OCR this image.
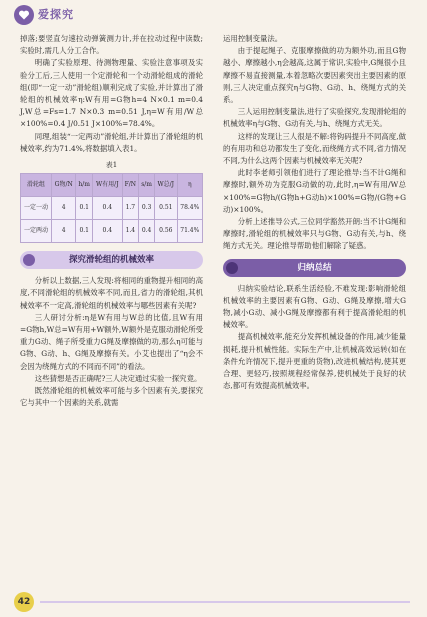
爱探究

掉落;要竖直匀速拉动弹簧测力计,并在拉动过程中读数;实验时,需几人分工合作。

明确了实验原理、待测物理量、实验注意事项及实验分工后,三人使用一个定滑轮和一个动滑轮组成的滑轮组(即“一定一动”滑轮组)顺利完成了实验,并计算出了滑轮组的机械效率η:W有用=G物h=4 N×0.1 m=0.4 J,W总=Fs=1.7 N×0.3 m=0.51 J,η=W有用/W总×100%=0.4 J/0.51 J×100%=78.4%。

同理,组装“一定两动”滑轮组,并计算出了滑轮组的机械效率,约为71.4%,将数据填入表1。

表1
滑轮组	G物/N	h/m	W有用/J	F/N	s/m	W总/J	η
一定一动	4	0.1	0.4	1.7	0.3	0.51	78.4%
一定两动	4	0.1	0.4	1.4	0.4	0.56	71.4%
探究滑轮组的机械效率

分析以上数据,三人发现:将相同的重物提升相同的高度,不同滑轮组的机械效率不同,而且,省力的滑轮组,其机械效率不一定高,滑轮组的机械效率与哪些因素有关呢?

三人研讨分析:η是W有用与W总的比值,且W有用=G物h,W总=W有用+W额外,W额外是克服动滑轮所受重力G动、绳子所受重力G绳及摩擦做的功,那么η可能与G物、G动、h、G绳及摩擦有关。小艾也提出了“η会不会因为绕绳方式的不同而不同”的看法。

这些猜想是否正确呢?三人决定通过实验一探究竟。

既然滑轮组的机械效率可能与多个因素有关,要探究它与其中一个因素的关系,就需

运用控制变量法。

由于提起绳子、克服摩擦做的功为额外功,而且G物越小、摩擦越小,η会越高,这属于常识,实验中,G绳很小且摩擦不易直接测量,本着忽略次要因素突出主要因素的原则,三人决定重点探究η与G物、G动、h、绕绳方式的关系。

三人运用控制变量法,进行了实验探究,发现滑轮组的机械效率η与G物、G动有关,与h、绕绳方式无关。

这样的发现让三人很是不解:将钩码提升不同高度,做的有用功和总功都发生了变化,而绕绳方式不同,省力情况不同,为什么这两个因素与机械效率无关呢?

此时李老师引领他们进行了理论推导:当不计G绳和摩擦时,额外功为克服G动做的功,此时,η=W有用/W总×100%=G物h/(G物h+G动h)×100%=G物/(G物+G动)×100%。

分析上述推导公式,三位同学豁然开朗:当不计G绳和摩擦时,滑轮组的机械效率只与G物、G动有关,与h、绕绳方式无关。理论推导帮助他们解除了疑惑。

归纳总结

归纳实验结论,联系生活经验,不难发现:影响滑轮组机械效率的主要因素有G物、G动、G绳及摩擦,增大G物,减小G动、减小G绳及摩擦都有利于提高滑轮组的机械效率。

提高机械效率,能充分发挥机械设备的作用,减少能量损耗,提升机械性能。实际生产中,让机械高效运转(如在条件允许情况下,提升更重的货物),改进机械结构,使其更合理、更轻巧,按照规程经常保养,使机械处于良好的状态,都可有效提高机械效率。

42
